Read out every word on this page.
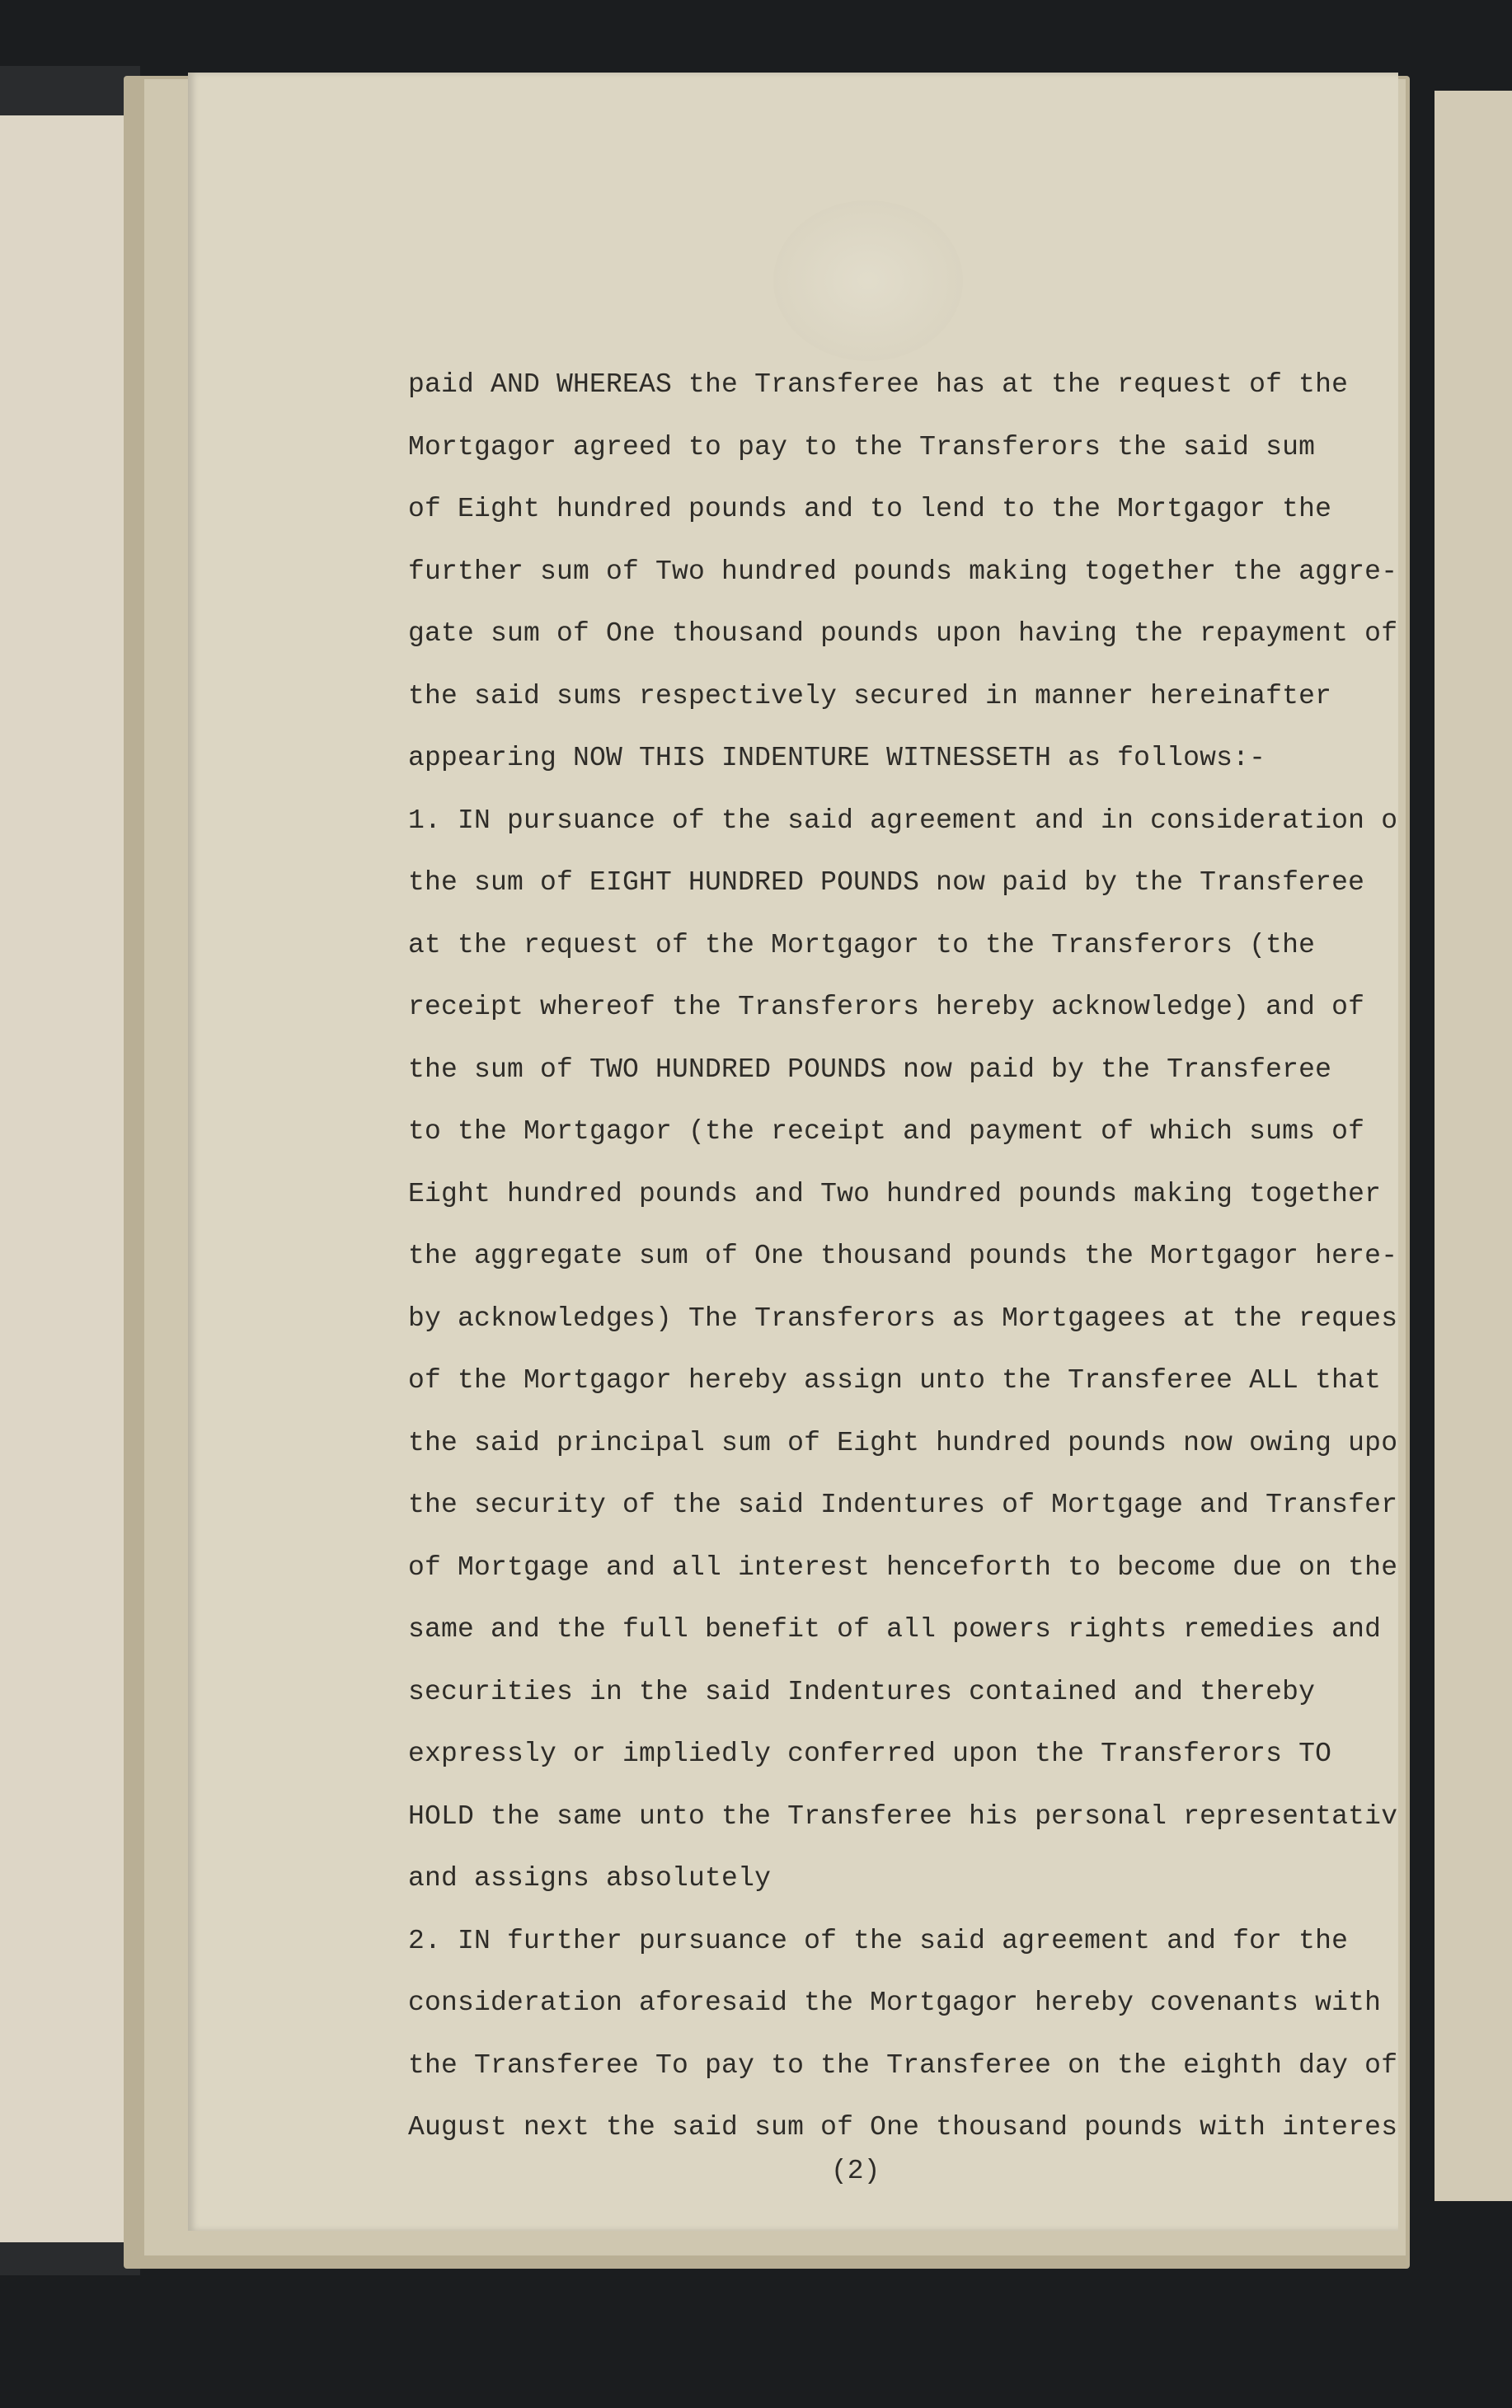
(2)
paid AND WHEREAS the Transferee has at the request of the
Mortgagor agreed to pay to the Transferors the said sum
of Eight hundred pounds and to lend to the Mortgagor the
further sum of Two hundred pounds making together the aggre-
gate sum of One thousand pounds upon having the repayment of
the said sums respectively secured in manner hereinafter
appearing NOW THIS INDENTURE WITNESSETH as follows:-
1. IN pursuance of the said agreement and in consideration o
the sum of EIGHT HUNDRED POUNDS now paid by the Transferee
at the request of the Mortgagor to the Transferors (the
receipt whereof the Transferors hereby acknowledge) and of
the sum of TWO HUNDRED POUNDS now paid by the Transferee
to the Mortgagor (the receipt and payment of which sums of
Eight hundred pounds and Two hundred pounds making together
the aggregate sum of One thousand pounds the Mortgagor here-
by acknowledges) The Transferors as Mortgagees at the reques
of the Mortgagor hereby assign unto the Transferee ALL that
the said principal sum of Eight hundred pounds now owing upo
the security of the said Indentures of Mortgage and Transfer
of Mortgage and all interest henceforth to become due on the
same and the full benefit of all powers rights remedies and
securities in the said Indentures contained and thereby
expressly or impliedly conferred upon the Transferors TO
HOLD the same unto the Transferee his personal representativ
and assigns absolutely
2. IN further pursuance of the said agreement and for the
consideration aforesaid the Mortgagor hereby covenants with
the Transferee To pay to the Transferee on the eighth day of
August next the said sum of One thousand pounds with interes
